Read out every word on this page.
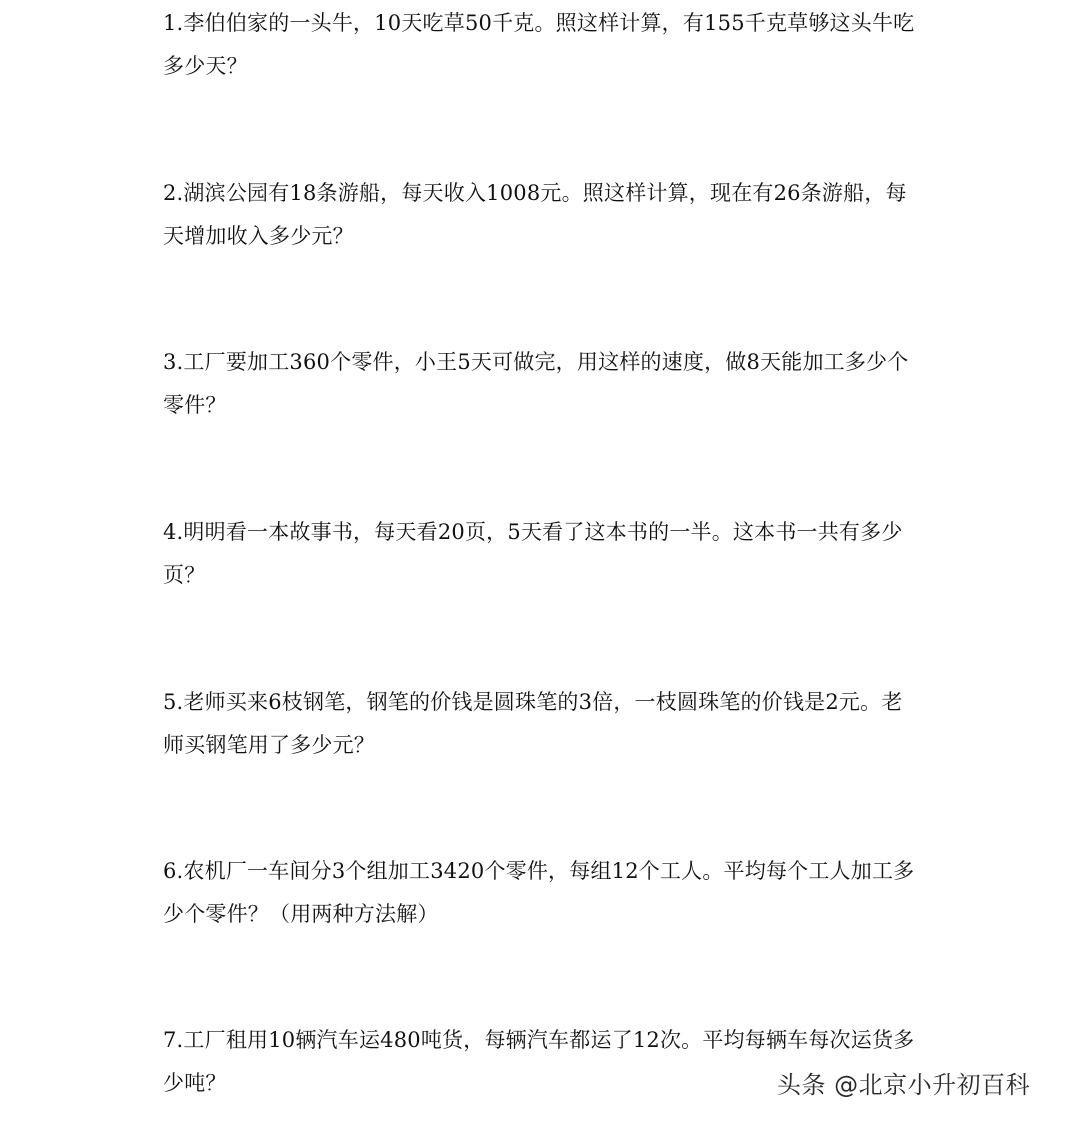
1.李伯伯家的一头牛，10天吃草50千克。照这样计算，有155千克草够这头牛吃
多少天？
2.湖滨公园有18条游船，每天收入1008元。照这样计算，现在有26条游船，每
天增加收入多少元？
3.工厂要加工360个零件，小王5天可做完，用这样的速度，做8天能加工多少个
零件？
4.明明看一本故事书，每天看20页，5天看了这本书的一半。这本书一共有多少
页？
5.老师买来6枝钢笔，钢笔的价钱是圆珠笔的3倍，一枝圆珠笔的价钱是2元。老
师买钢笔用了多少元？
6.农机厂一车间分3个组加工3420个零件，每组12个工人。平均每个工人加工多
少个零件？（用两种方法解）
7.工厂租用10辆汽车运480吨货，每辆汽车都运了12次。平均每辆车每次运货多
少吨？	头条 @北京小升初百科
